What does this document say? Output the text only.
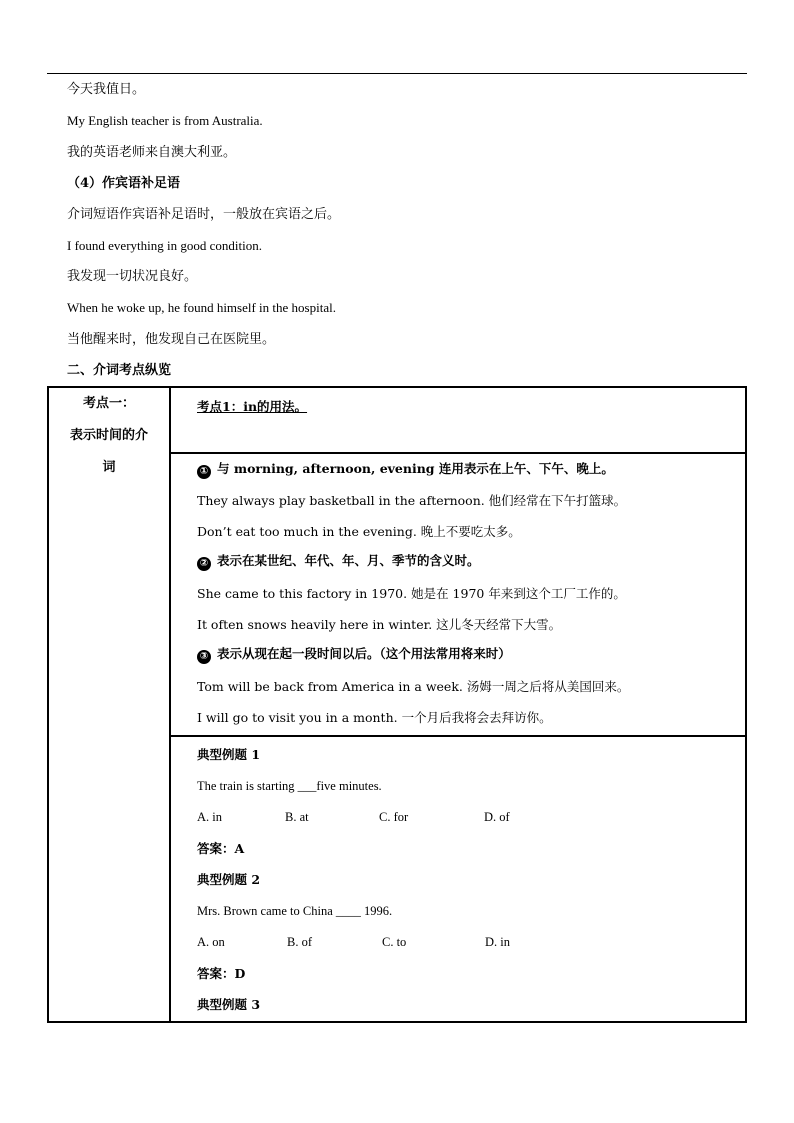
今天我值日。
My English teacher is from Australia.
我的英语老师来自澳大利亚。
（4）作宾语补足语
介词短语作宾语补足语时，一般放在宾语之后。
I found everything in good condition.
我发现一切状况良好。
When he woke up, he found himself in the hospital.
当他醒来时，他发现自己在医院里。
二、介词考点纵览
考点一：
表示时间的介
词

考点1：in的用法。

① 与 morning, afternoon, evening 连用表示在上午、下午、晚上。
They always play basketball in the afternoon. 他们经常在下午打篮球。
Don’t eat too much in the evening. 晚上不要吃太多。
② 表示在某世纪、年代、年、月、季节的含义时。
She came to this factory in 1970. 她是在 1970 年来到这个工厂工作的。
It often snows heavily here in winter. 这儿冬天经常下大雪。
③ 表示从现在起一段时间以后。（这个用法常用将来时）
Tom will be back from America in a week. 汤姆一周之后将从美国回来。
I will go to visit you in a month. 一个月后我将会去拜访你。

典型例题 1
The train is starting ___five minutes.
A. in	B. at	C. for	D. of
答案：A
典型例题 2
Mrs. Brown came to China ____ 1996.
A. on	B. of	C. to	D. in
答案：D
典型例题 3
